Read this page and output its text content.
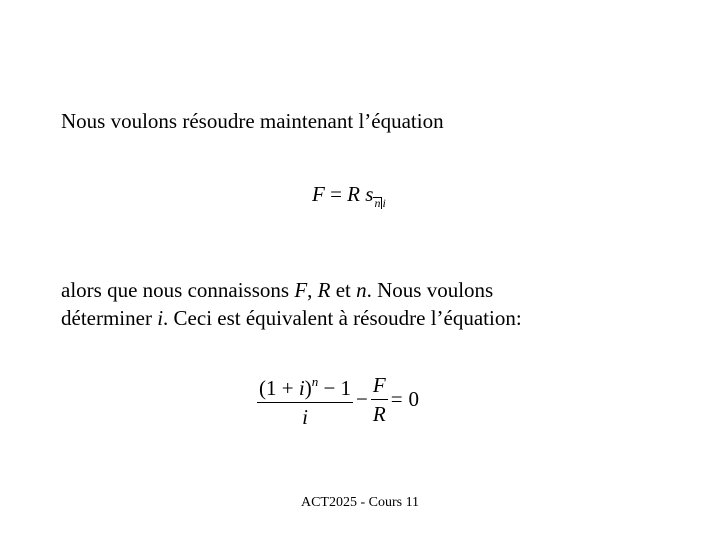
Nous voulons résoudre maintenant l’équation
F = R $s_{n i}$
alors que nous connaissons F, R et n. Nous voulons
déterminer i. Ceci est équivalent à résoudre l’équation:
$\frac{(1 + i)^n - 1}{i} - \frac{F}{R} = 0$
ACT2025 - Cours 11
